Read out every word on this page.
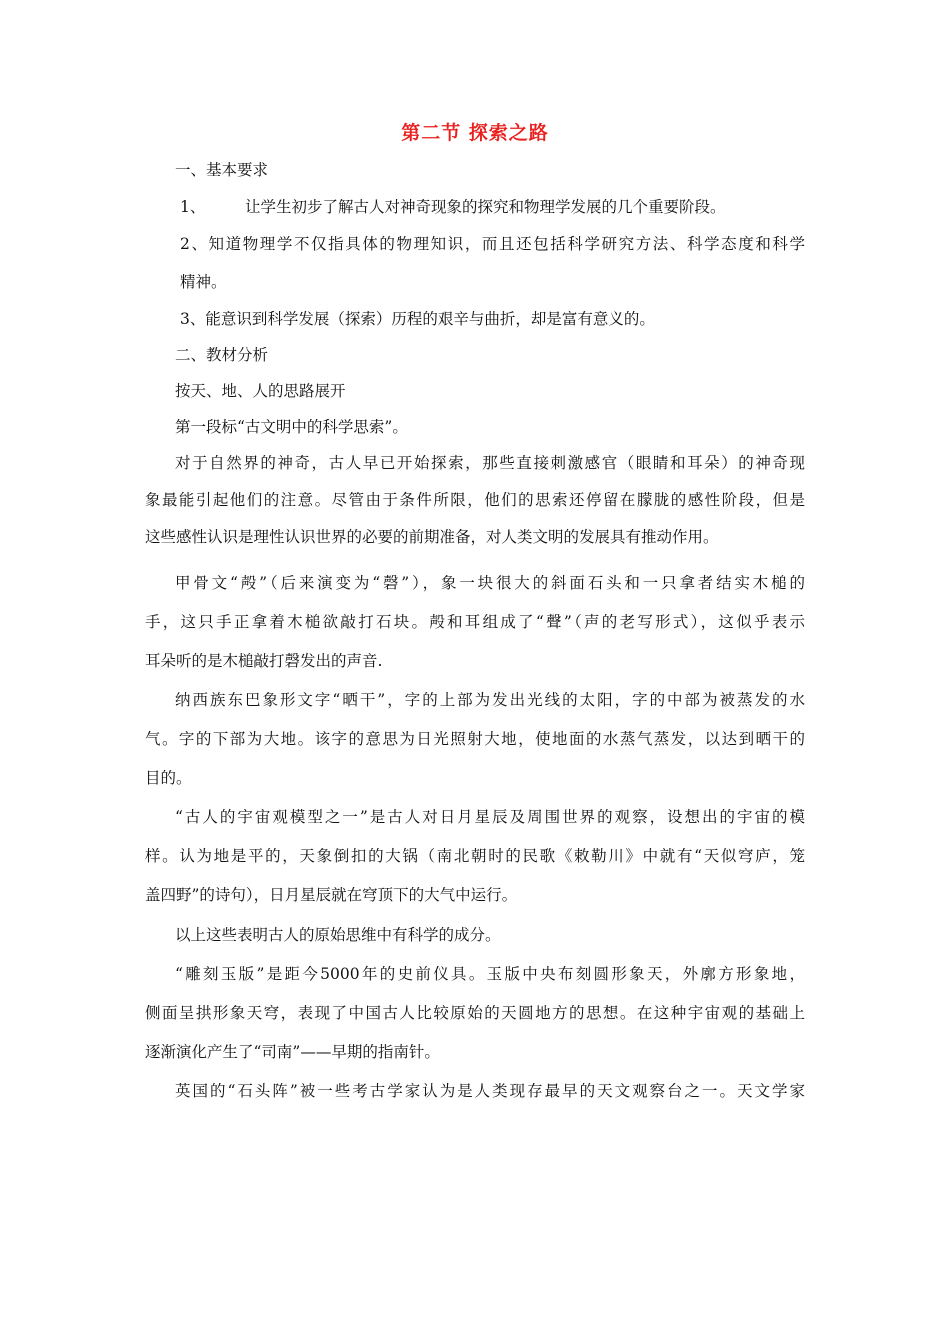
第二节 探索之路
一、基本要求
1、	让学生初步了解古人对神奇现象的探究和物理学发展的几个重要阶段。
2、知道物理学不仅指具体的物理知识，而且还包括科学研究方法、科学态度和科学
精神。
3、能意识到科学发展（探索）历程的艰辛与曲折，却是富有意义的。
二、教材分析
按天、地、人的思路展开
第一段标“古文明中的科学思索”。
对于自然界的神奇，古人早已开始探索，那些直接刺激感官（眼睛和耳朵）的神奇现
象最能引起他们的注意。尽管由于条件所限，他们的思索还停留在朦胧的感性阶段，但是
这些感性认识是理性认识世界的必要的前期准备，对人类文明的发展具有推动作用。
甲骨文“殸”（后来演变为“磬”），象一块很大的斜面石头和一只拿者结实木槌的
手，这只手正拿着木槌欲敲打石块。殸和耳组成了“聲”（声的老写形式），这似乎表示
耳朵听的是木槌敲打磬发出的声音.
纳西族东巴象形文字“晒干”，字的上部为发出光线的太阳，字的中部为被蒸发的水
气。字的下部为大地。该字的意思为日光照射大地，使地面的水蒸气蒸发，以达到晒干的
目的。
“古人的宇宙观模型之一”是古人对日月星辰及周围世界的观察，设想出的宇宙的模
样。认为地是平的，天象倒扣的大锅（南北朝时的民歌《敕勒川》中就有“天似穹庐，笼
盖四野”的诗句），日月星辰就在穹顶下的大气中运行。
以上这些表明古人的原始思维中有科学的成分。
“雕刻玉版”是距今5000年的史前仪具。玉版中央布刻圆形象天，外廓方形象地，
侧面呈拱形象天穹，表现了中国古人比较原始的天圆地方的思想。在这种宇宙观的基础上
逐渐演化产生了“司南”——早期的指南针。
英国的“石头阵”被一些考古学家认为是人类现存最早的天文观察台之一。天文学家
